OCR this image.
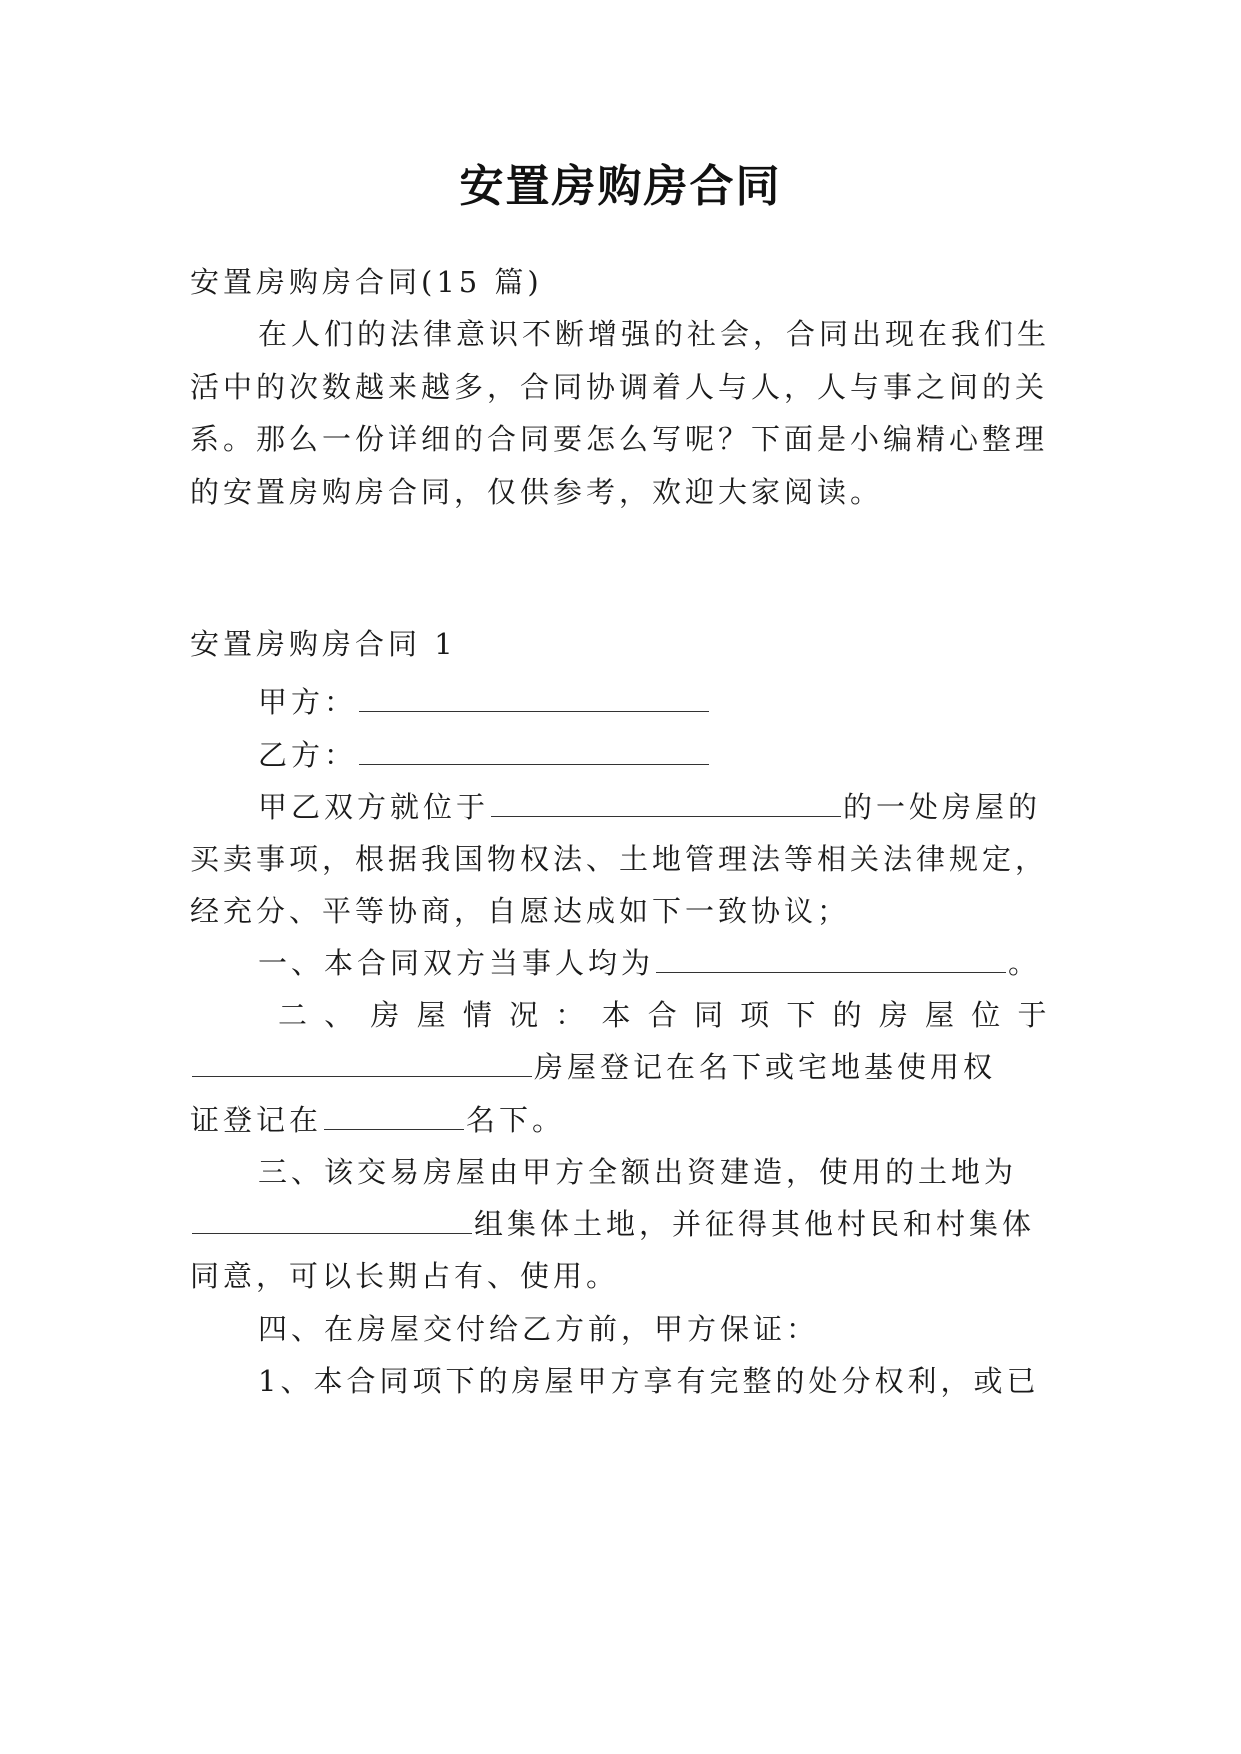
安置房购房合同
安置房购房合同(15 篇)
在人们的法律意识不断增强的社会，合同出现在我们生
活中的次数越来越多，合同协调着人与人，人与事之间的关
系。那么一份详细的合同要怎么写呢？下面是小编精心整理
的安置房购房合同，仅供参考，欢迎大家阅读。
安置房购房合同 1
甲方：
乙方：
甲乙双方就位于	的一处房屋的
买卖事项，根据我国物权法、土地管理法等相关法律规定，
经充分、平等协商，自愿达成如下一致协议；
一、本合同双方当事人均为	。
二 、 房 屋 情 况 ： 本 合 同 项 下 的 房 屋 位 于
房屋登记在名下或宅地基使用权
证登记在	名下。
三、该交易房屋由甲方全额出资建造，使用的土地为
组集体土地，并征得其他村民和村集体
同意，可以长期占有、使用。
四、在房屋交付给乙方前，甲方保证：
1、本合同项下的房屋甲方享有完整的处分权利，或已
